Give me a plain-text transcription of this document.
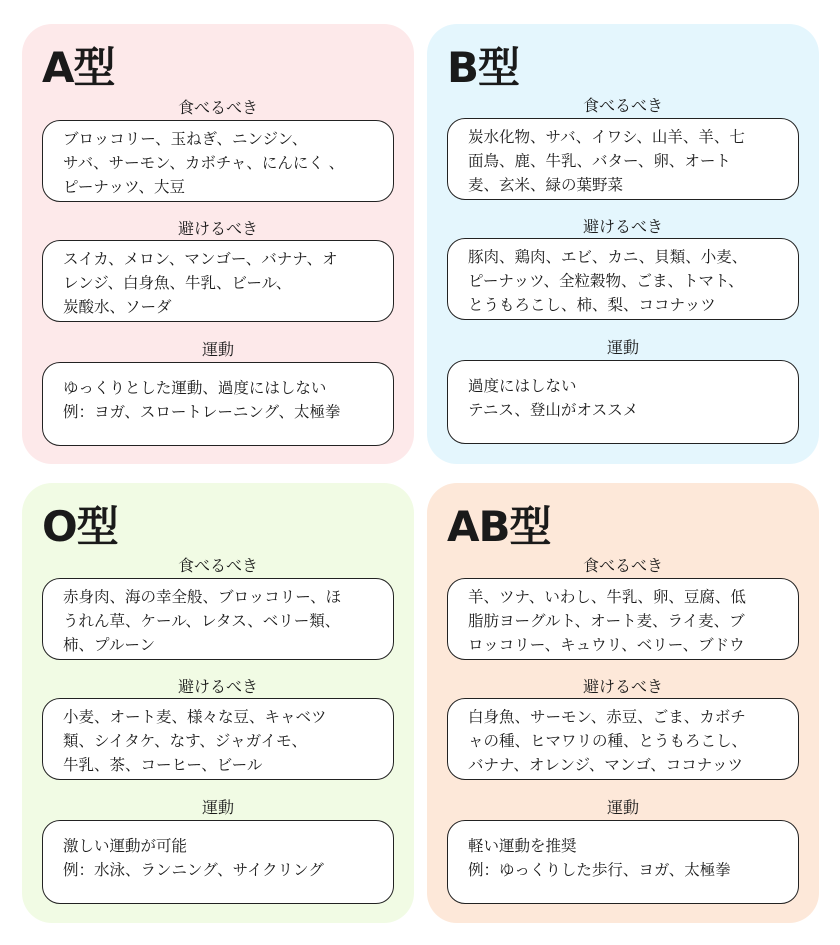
A型
食べるべき
ブロッコリー、玉ねぎ、ニンジン、
サバ、サーモン、カボチャ、にんにく 、
ピーナッツ、大豆
避けるべき
スイカ、メロン、マンゴー、バナナ、オ
レンジ、白身魚、牛乳、ビール、
炭酸水、ソーダ
運動
ゆっくりとした運動、過度にはしない
例：ヨガ、スロートレーニング、太極拳
B型
食べるべき
炭水化物、サバ、イワシ、山羊、羊、七
面鳥、鹿、牛乳、バター、卵、オート
麦、玄米、緑の葉野菜
避けるべき
豚肉、鶏肉、エビ、カニ、貝類、小麦、
ピーナッツ、全粒穀物、ごま、トマト、
とうもろこし、柿、梨、ココナッツ
運動
過度にはしない
テニス、登山がオススメ
O型
食べるべき
赤身肉、海の幸全般、ブロッコリー、ほ
うれん草、ケール、レタス、ベリー類、
柿、プルーン
避けるべき
小麦、オート麦、様々な豆、キャベツ
類、シイタケ、なす、ジャガイモ、
牛乳、茶、コーヒー、ビール
運動
激しい運動が可能
例：水泳、ランニング、サイクリング
AB型
食べるべき
羊、ツナ、いわし、牛乳、卵、豆腐、低
脂肪ヨーグルト、オート麦、ライ麦、ブ
ロッコリー、キュウリ、ベリー、ブドウ
避けるべき
白身魚、サーモン、赤豆、ごま、カボチ
ャの種、ヒマワリの種、とうもろこし、
バナナ、オレンジ、マンゴ、ココナッツ
運動
軽い運動を推奨
例：ゆっくりした歩行、ヨガ、太極拳
